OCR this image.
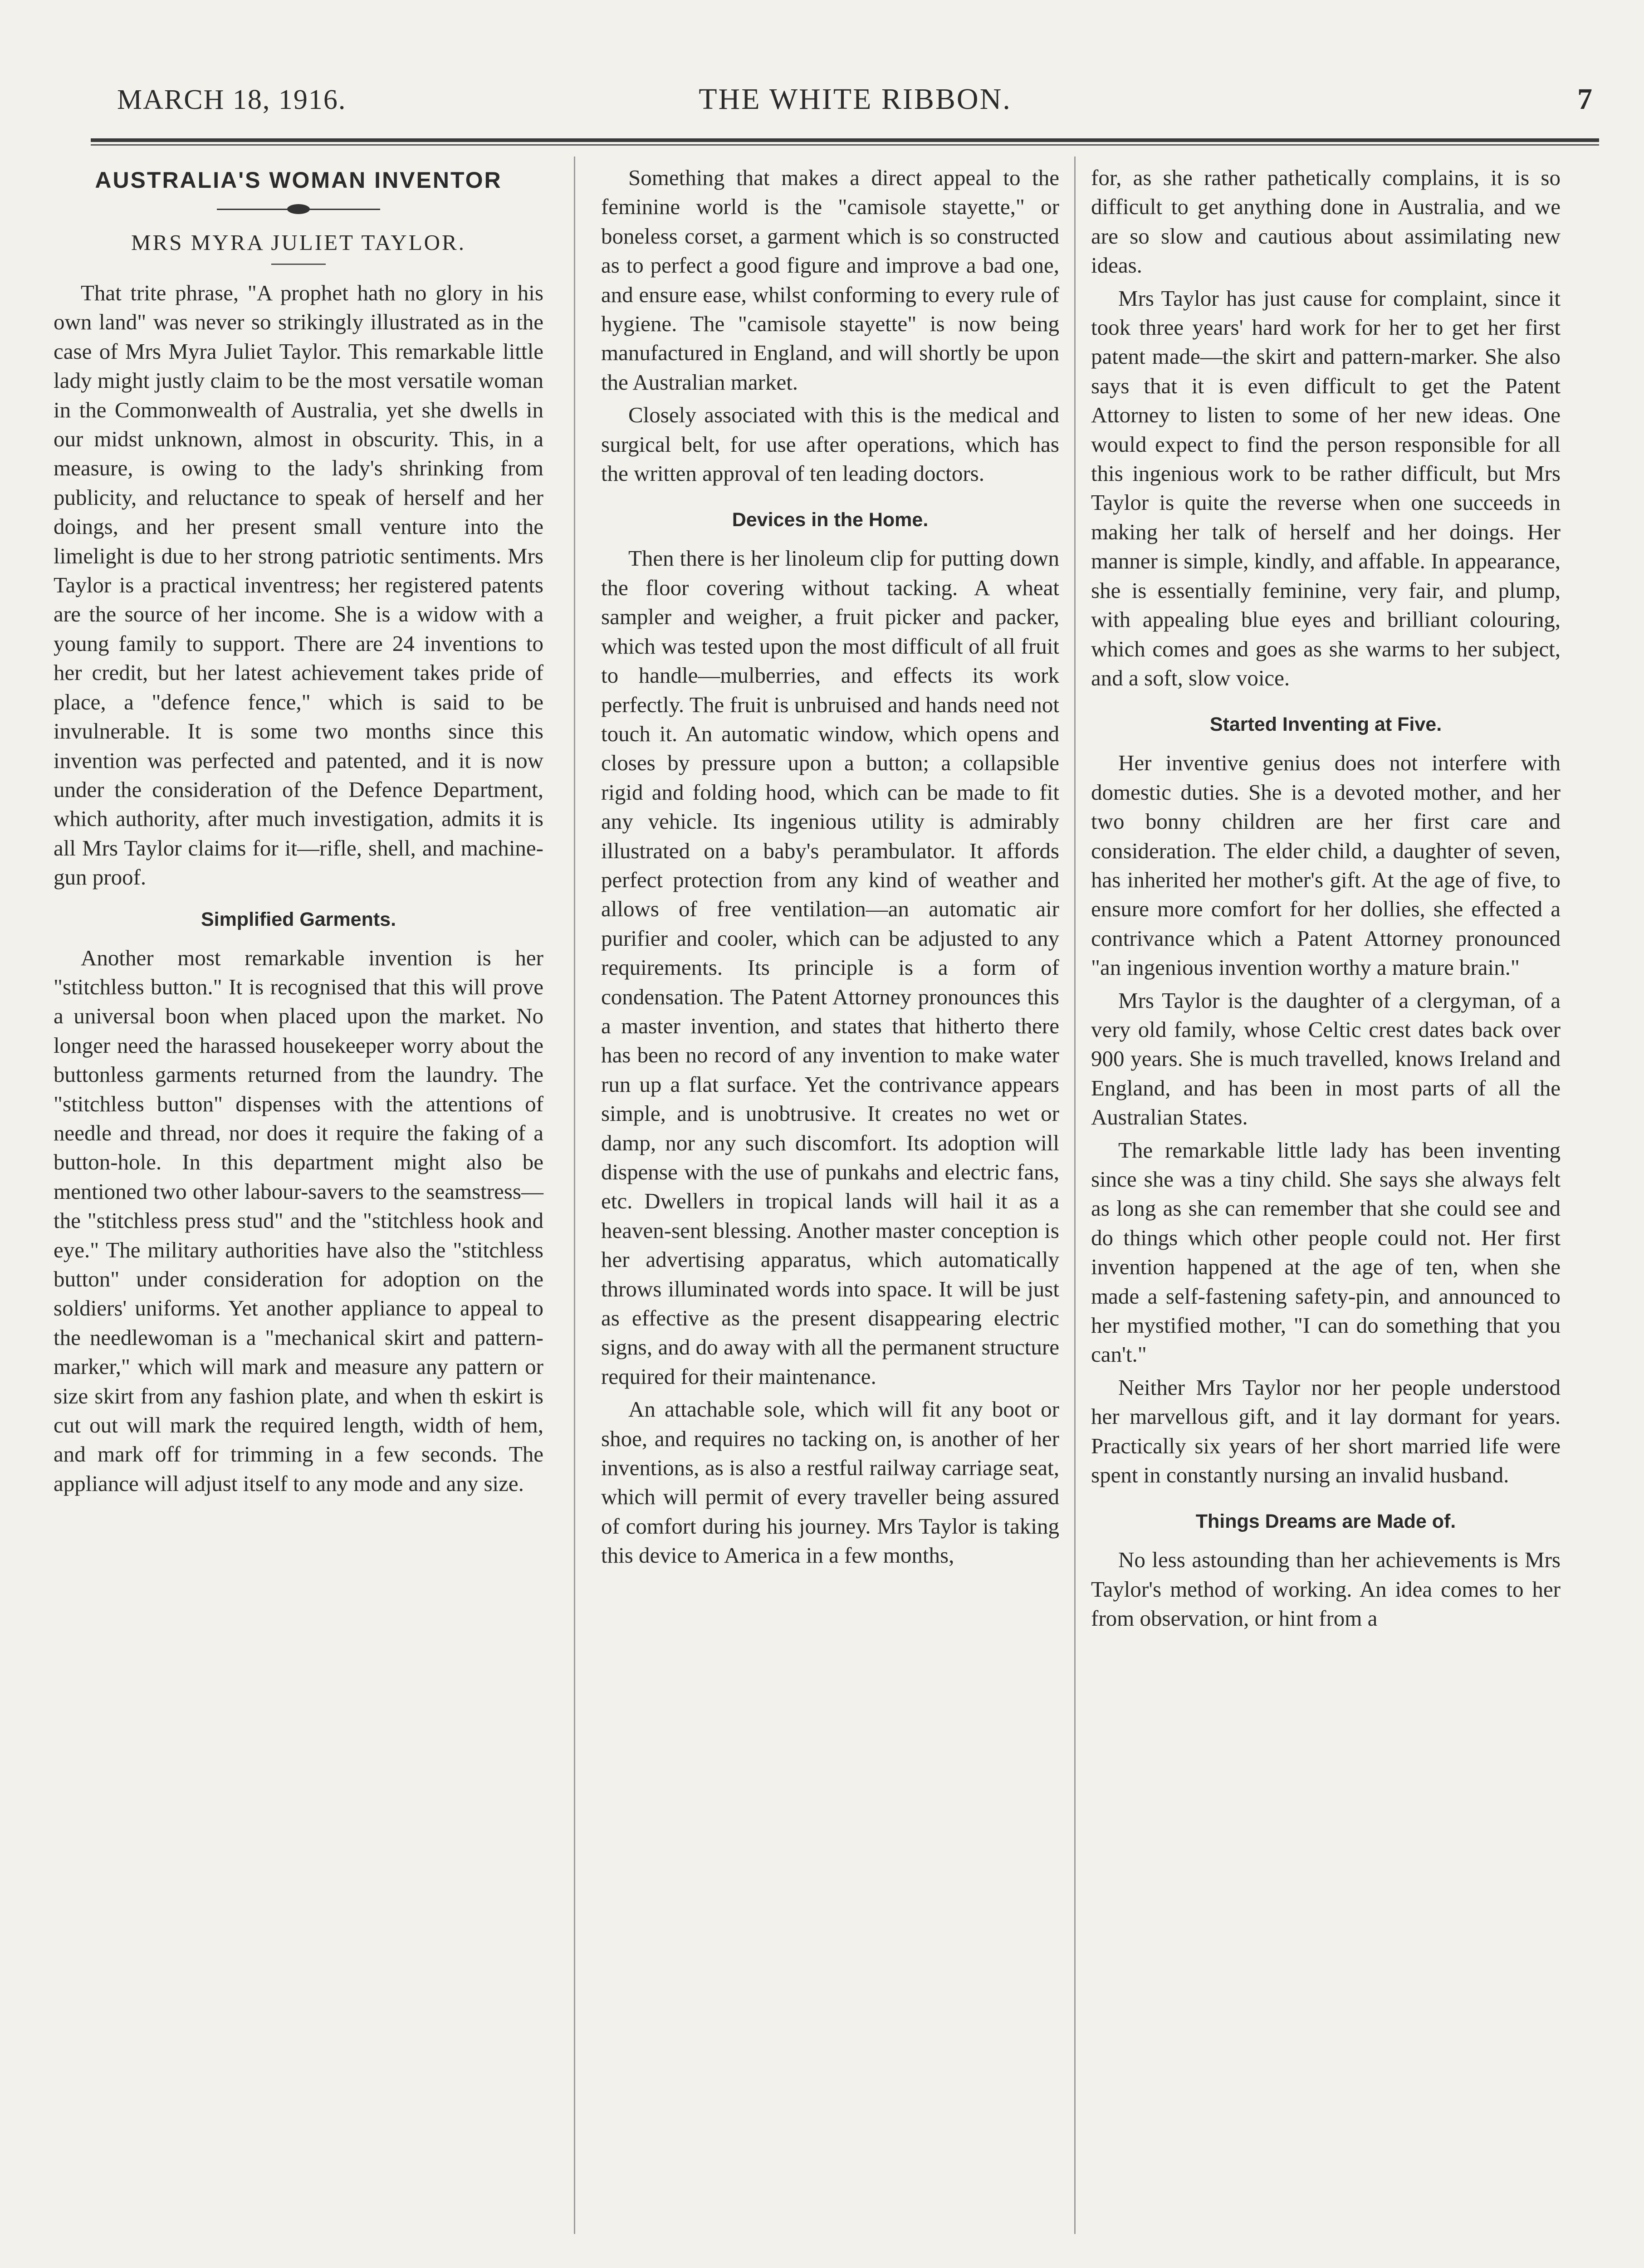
MARCH 18, 1916.	THE WHITE RIBBON.	7
AUSTRALIA'S WOMAN INVENTOR
MRS MYRA JULIET TAYLOR.

That trite phrase, "A prophet hath no glory in his own land" was never so strikingly illustrated as in the case of Mrs Myra Juliet Taylor. This remarkable little lady might justly claim to be the most versatile woman in the Commonwealth of Australia, yet she dwells in our midst unknown, almost in obscurity. This, in a measure, is owing to the lady's shrinking from publicity, and reluctance to speak of herself and her doings, and her present small venture into the limelight is due to her strong patriotic sentiments. Mrs Taylor is a practical inventress; her registered patents are the source of her income. She is a widow with a young family to support. There are 24 inventions to her credit, but her latest achievement takes pride of place, a "defence fence," which is said to be invulnerable. It is some two months since this invention was perfected and patented, and it is now under the consideration of the Defence Department, which authority, after much investigation, admits it is all Mrs Taylor claims for it—rifle, shell, and machine-gun proof.

Simplified Garments.

Another most remarkable invention is her "stitchless button." It is recognised that this will prove a universal boon when placed upon the market. No longer need the harassed housekeeper worry about the buttonless garments returned from the laundry. The "stitchless button" dispenses with the attentions of needle and thread, nor does it require the faking of a button-hole. In this department might also be mentioned two other labour-savers to the seamstress—the "stitchless press stud" and the "stitchless hook and eye." The military authorities have also the "stitchless button" under consideration for adoption on the soldiers' uniforms. Yet another appliance to appeal to the needlewoman is a "mechanical skirt and pattern-marker," which will mark and measure any pattern or size skirt from any fashion plate, and when th eskirt is cut out will mark the required length, width of hem, and mark off for trimming in a few seconds. The appliance will adjust itself to any mode and any size.

Something that makes a direct appeal to the feminine world is the "camisole stayette," or boneless corset, a garment which is so constructed as to perfect a good figure and improve a bad one, and ensure ease, whilst conforming to every rule of hygiene. The "camisole stayette" is now being manufactured in England, and will shortly be upon the Australian market.

Closely associated with this is the medical and surgical belt, for use after operations, which has the written approval of ten leading doctors.

Devices in the Home.

Then there is her linoleum clip for putting down the floor covering without tacking. A wheat sampler and weigher, a fruit picker and packer, which was tested upon the most difficult of all fruit to handle—mulberries, and effects its work perfectly. The fruit is unbruised and hands need not touch it. An automatic window, which opens and closes by pressure upon a button; a collapsible rigid and folding hood, which can be made to fit any vehicle. Its ingenious utility is admirably illustrated on a baby's perambulator. It affords perfect protection from any kind of weather and allows of free ventilation—an automatic air purifier and cooler, which can be adjusted to any requirements. Its principle is a form of condensation. The Patent Attorney pronounces this a master invention, and states that hitherto there has been no record of any invention to make water run up a flat surface. Yet the contrivance appears simple, and is unobtrusive. It creates no wet or damp, nor any such discomfort. Its adoption will dispense with the use of punkahs and electric fans, etc. Dwellers in tropical lands will hail it as a heaven-sent blessing. Another master conception is her advertising apparatus, which automatically throws illuminated words into space. It will be just as effective as the present disappearing electric signs, and do away with all the permanent structure required for their maintenance.

An attachable sole, which will fit any boot or shoe, and requires no tacking on, is another of her inventions, as is also a restful railway carriage seat, which will permit of every traveller being assured of comfort during his journey. Mrs Taylor is taking this device to America in a few months,

for, as she rather pathetically complains, it is so difficult to get anything done in Australia, and we are so slow and cautious about assimilating new ideas.

Mrs Taylor has just cause for complaint, since it took three years' hard work for her to get her first patent made—the skirt and pattern-marker. She also says that it is even difficult to get the Patent Attorney to listen to some of her new ideas. One would expect to find the person responsible for all this ingenious work to be rather difficult, but Mrs Taylor is quite the reverse when one succeeds in making her talk of herself and her doings. Her manner is simple, kindly, and affable. In appearance, she is essentially feminine, very fair, and plump, with appealing blue eyes and brilliant colouring, which comes and goes as she warms to her subject, and a soft, slow voice.

Started Inventing at Five.

Her inventive genius does not interfere with domestic duties. She is a devoted mother, and her two bonny children are her first care and consideration. The elder child, a daughter of seven, has inherited her mother's gift. At the age of five, to ensure more comfort for her dollies, she effected a contrivance which a Patent Attorney pronounced "an ingenious invention worthy a mature brain."

Mrs Taylor is the daughter of a clergyman, of a very old family, whose Celtic crest dates back over 900 years. She is much travelled, knows Ireland and England, and has been in most parts of all the Australian States.

The remarkable little lady has been inventing since she was a tiny child. She says she always felt as long as she can remember that she could see and do things which other people could not. Her first invention happened at the age of ten, when she made a self-fastening safety-pin, and announced to her mystified mother, "I can do something that you can't."

Neither Mrs Taylor nor her people understood her marvellous gift, and it lay dormant for years. Practically six years of her short married life were spent in constantly nursing an invalid husband.

Things Dreams are Made of.

No less astounding than her achievements is Mrs Taylor's method of working. An idea comes to her from observation, or hint from a
